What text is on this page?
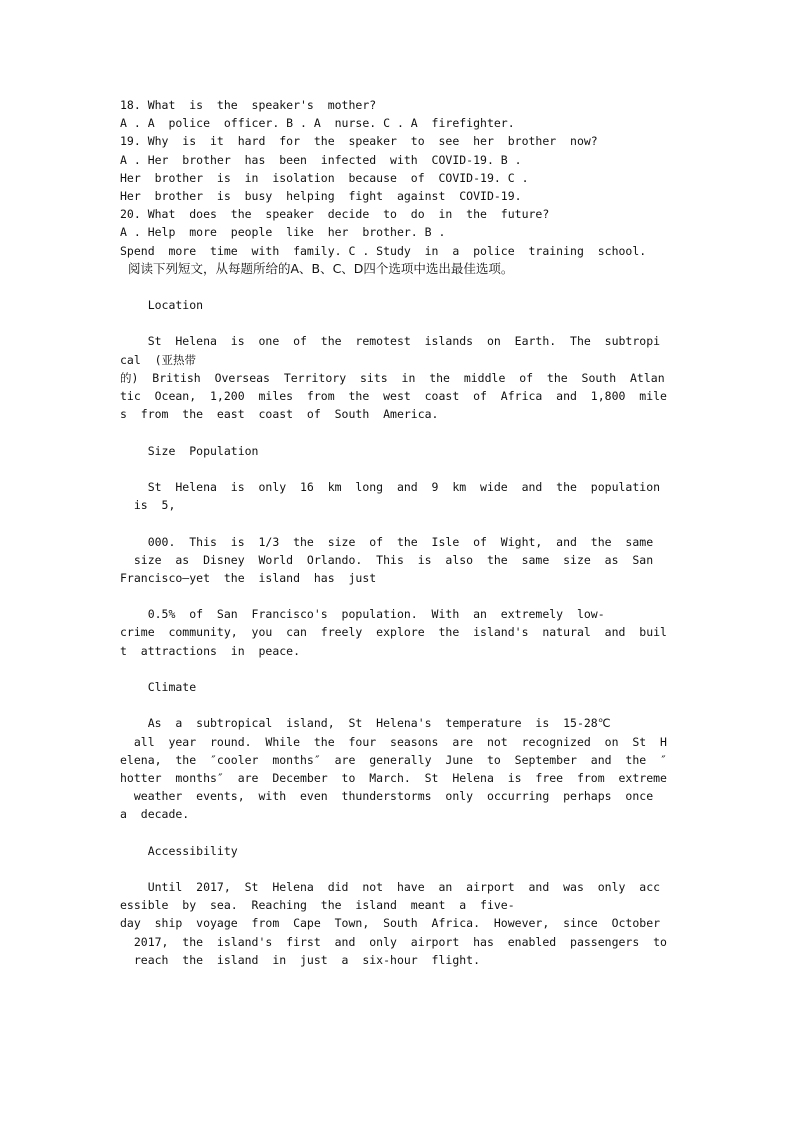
18. What  is  the  speaker's  mother?
A . A  police  officer. B . A  nurse. C . A  firefighter.
19. Why  is  it  hard  for  the  speaker  to  see  her  brother  now?
A . Her  brother  has  been  infected  with  COVID-19. B .
Her  brother  is  in  isolation  because  of  COVID-19. C .
Her  brother  is  busy  helping  fight  against  COVID-19.
20. What  does  the  speaker  decide  to  do  in  the  future?
A . Help  more  people  like  her  brother. B .
Spend  more  time  with  family. C . Study  in  a  police  training  school.
阅读下列短文，从每题所给的A、B、C、D四个选项中选出最佳选项。
Location
St  Helena  is  one  of  the  remotest  islands  on  Earth.  The  subtropi
cal  (亚热带
的)  British  Overseas  Territory  sits  in  the  middle  of  the  South  Atlan
tic  Ocean,  1,200  miles  from  the  west  coast  of  Africa  and  1,800  mile
s  from  the  east  coast  of  South  America.
Size  Population
St  Helena  is  only  16  km  long  and  9  km  wide  and  the  population
is  5,
000.  This  is  1/3  the  size  of  the  Isle  of  Wight,  and  the  same
size  as  Disney  World  Orlando.  This  is  also  the  same  size  as  San
Francisco—yet  the  island  has  just
0.5%  of  San  Francisco's  population.  With  an  extremely  low-
crime  community,  you  can  freely  explore  the  island's  natural  and  buil
t  attractions  in  peace.
Climate
As  a  subtropical  island,  St  Helena's  temperature  is  15-28℃
all  year  round.  While  the  four  seasons  are  not  recognized  on  St  H
elena,  the  ″cooler  months″  are  generally  June  to  September  and  the  ″
hotter  months″  are  December  to  March.  St  Helena  is  free  from  extreme
weather  events,  with  even  thunderstorms  only  occurring  perhaps  once
a  decade.
Accessibility
Until  2017,  St  Helena  did  not  have  an  airport  and  was  only  acc
essible  by  sea.  Reaching  the  island  meant  a  five-
day  ship  voyage  from  Cape  Town,  South  Africa.  However,  since  October
2017,  the  island's  first  and  only  airport  has  enabled  passengers  to
reach  the  island  in  just  a  six-hour  flight.
